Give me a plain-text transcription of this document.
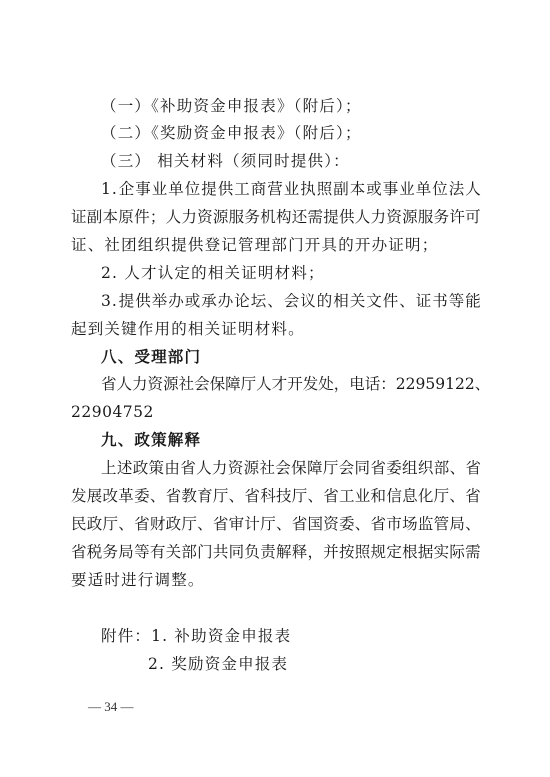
（一）《补助资金申报表》（附后）；
（二）《奖励资金申报表》（附后）；
（三） 相关材料（须同时提供）：
1 . 企 事 业 单 位 提 供 工 商 营 业 执 照 副 本 或 事 业 单 位 法 人
证 副 本 原 件 ； 人 力 资 源 服 务 机 构 还 需 提 供 人 力 资 源 服 务 许 可
证、社团组织提供登记管理部门开具的开办证明；
2. 人才认定的相关证明材料；
3 . 提 供 举 办 或 承 办 论 坛 、 会 议 的 相 关 文 件 、 证 书 等 能
起到关键作用的相关证明材料。
八、受理部门
省 人 力 资 源 社 会 保 障 厅 人 才 开 发 处 ， 电 话 ： 2 2 9 5 9 1 2 2 、
22904752
九、政策解释
上 述 政 策 由 省 人 力 资 源 社 会 保 障 厅 会 同 省 委 组 织 部 、 省
发 展 改 革 委 、 省 教 育 厅 、 省 科 技 厅 、 省 工 业 和 信 息 化 厅 、 省
民 政 厅 、 省 财 政 厅 、 省 审 计 厅 、 省 国 资 委 、 省 市 场 监 管 局 、
省 税 务 局 等 有 关 部 门 共 同 负 责 解 释 ， 并 按 照 规 定 根 据 实 际 需
要适时进行调整。
附件：1. 补助资金申报表
2. 奖励资金申报表
— 34 —
